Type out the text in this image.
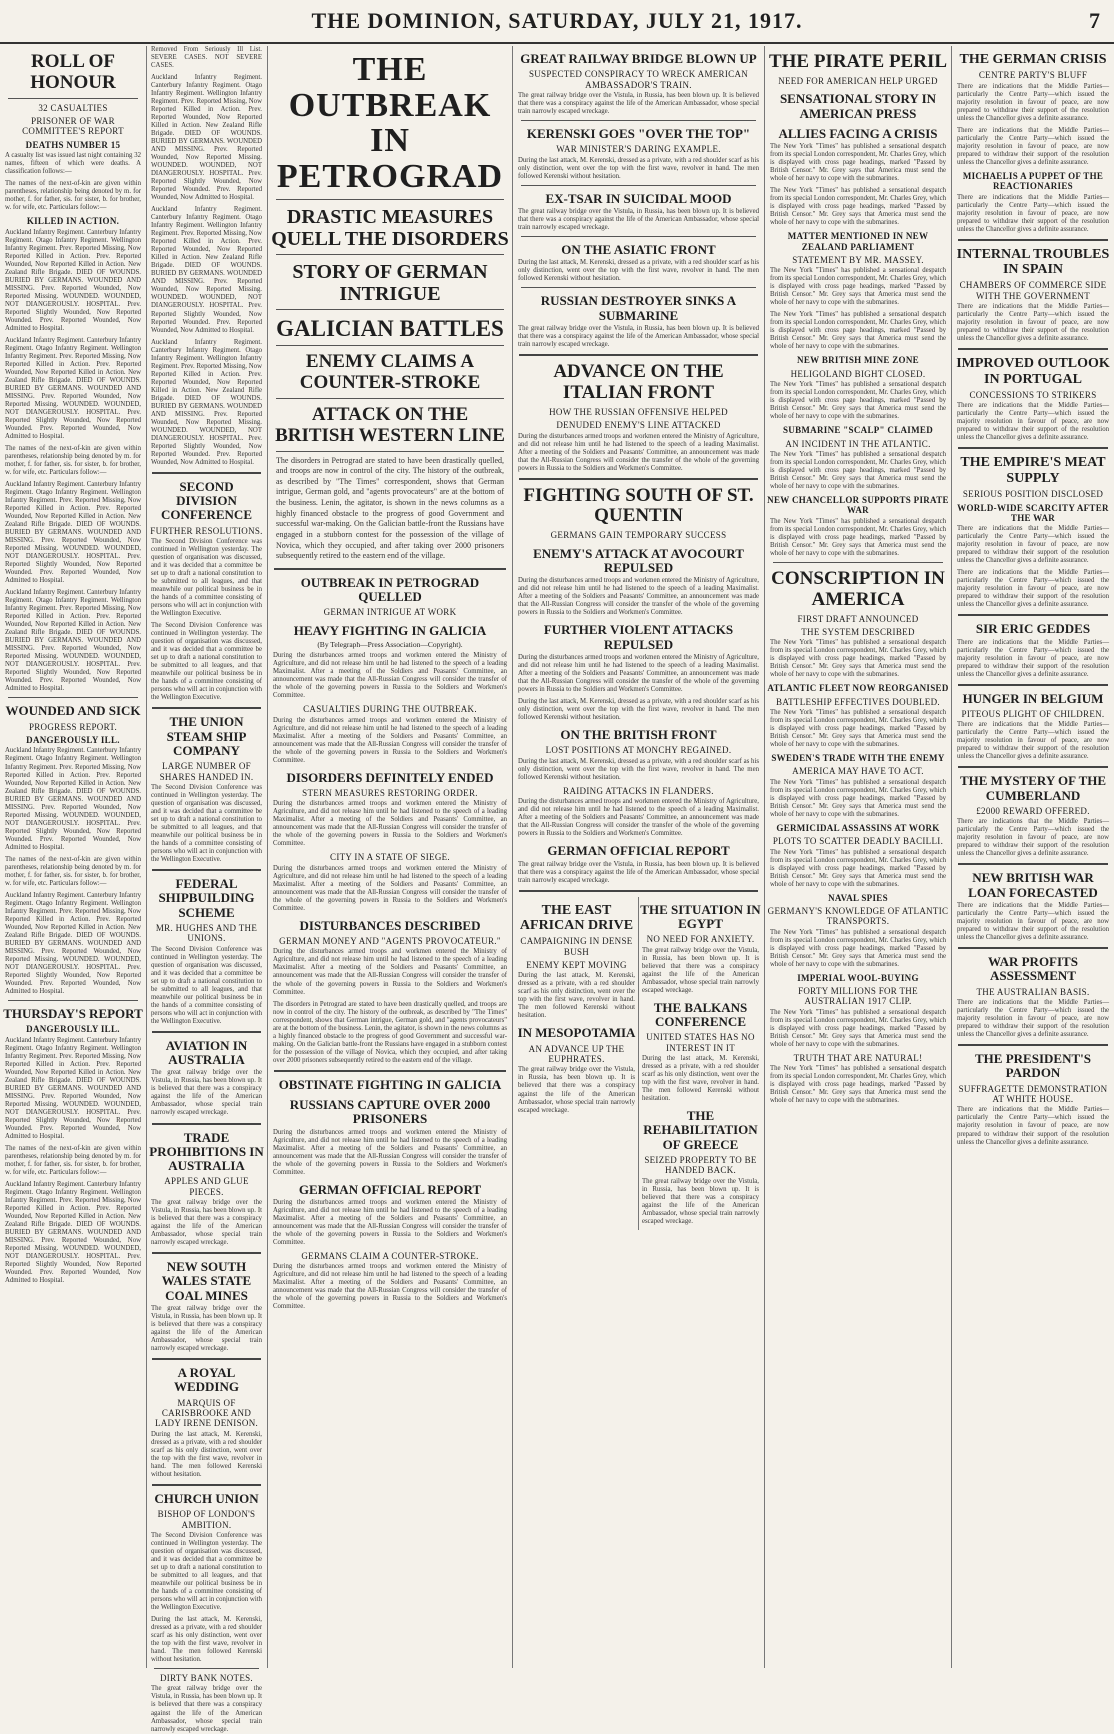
THE DOMINION, SATURDAY, JULY 21, 1917.	7
ROLL OF HONOUR
32 CASUALTIES
PRISONER OF WAR COMMITTEE'S REPORT
DEATHS NUMBER 15
A casualty list was issued last night containing 32 names, fifteen of which were deaths. A classification follows:—
The names of the next-of-kin are given within parentheses, relationship being denoted by m. for mother, f. for father, sis. for sister, b. for brother, w. for wife, etc. Particulars follow:—
KILLED IN ACTION.
Auckland Infantry Regiment. Canterbury Infantry Regiment. Otago Infantry Regiment. Wellington Infantry Regiment. Prev. Reported Missing, Now Reported Killed in Action. Prev. Reported Wounded, Now Reported Killed in Action. New Zealand Rifle Brigade. DIED OF WOUNDS. BURIED BY GERMANS. WOUNDED AND MISSING. Prev. Reported Wounded, Now Reported Missing. WOUNDED. WOUNDED, NOT DIANGEROUSLY. HOSPITAL. Prev. Reported Slightly Wounded, Now Reported Wounded. Prev. Reported Wounded, Now Admitted to Hospital.
Auckland Infantry Regiment. Canterbury Infantry Regiment. Otago Infantry Regiment. Wellington Infantry Regiment. Prev. Reported Missing, Now Reported Killed in Action. Prev. Reported Wounded, Now Reported Killed in Action. New Zealand Rifle Brigade. DIED OF WOUNDS. BURIED BY GERMANS. WOUNDED AND MISSING. Prev. Reported Wounded, Now Reported Missing. WOUNDED. WOUNDED, NOT DIANGEROUSLY. HOSPITAL. Prev. Reported Slightly Wounded, Now Reported Wounded. Prev. Reported Wounded, Now Admitted to Hospital.
The names of the next-of-kin are given within parentheses, relationship being denoted by m. for mother, f. for father, sis. for sister, b. for brother, w. for wife, etc. Particulars follow:—
Auckland Infantry Regiment. Canterbury Infantry Regiment. Otago Infantry Regiment. Wellington Infantry Regiment. Prev. Reported Missing, Now Reported Killed in Action. Prev. Reported Wounded, Now Reported Killed in Action. New Zealand Rifle Brigade. DIED OF WOUNDS. BURIED BY GERMANS. WOUNDED AND MISSING. Prev. Reported Wounded, Now Reported Missing. WOUNDED. WOUNDED, NOT DIANGEROUSLY. HOSPITAL. Prev. Reported Slightly Wounded, Now Reported Wounded. Prev. Reported Wounded, Now Admitted to Hospital.
Auckland Infantry Regiment. Canterbury Infantry Regiment. Otago Infantry Regiment. Wellington Infantry Regiment. Prev. Reported Missing, Now Reported Killed in Action. Prev. Reported Wounded, Now Reported Killed in Action. New Zealand Rifle Brigade. DIED OF WOUNDS. BURIED BY GERMANS. WOUNDED AND MISSING. Prev. Reported Wounded, Now Reported Missing. WOUNDED. WOUNDED, NOT DIANGEROUSLY. HOSPITAL. Prev. Reported Slightly Wounded, Now Reported Wounded. Prev. Reported Wounded, Now Admitted to Hospital.
WOUNDED AND SICK
PROGRESS REPORT.
DANGEROUSLY ILL.
Auckland Infantry Regiment. Canterbury Infantry Regiment. Otago Infantry Regiment. Wellington Infantry Regiment. Prev. Reported Missing, Now Reported Killed in Action. Prev. Reported Wounded, Now Reported Killed in Action. New Zealand Rifle Brigade. DIED OF WOUNDS. BURIED BY GERMANS. WOUNDED AND MISSING. Prev. Reported Wounded, Now Reported Missing. WOUNDED. WOUNDED, NOT DIANGEROUSLY. HOSPITAL. Prev. Reported Slightly Wounded, Now Reported Wounded. Prev. Reported Wounded, Now Admitted to Hospital.
The names of the next-of-kin are given within parentheses, relationship being denoted by m. for mother, f. for father, sis. for sister, b. for brother, w. for wife, etc. Particulars follow:—
Auckland Infantry Regiment. Canterbury Infantry Regiment. Otago Infantry Regiment. Wellington Infantry Regiment. Prev. Reported Missing, Now Reported Killed in Action. Prev. Reported Wounded, Now Reported Killed in Action. New Zealand Rifle Brigade. DIED OF WOUNDS. BURIED BY GERMANS. WOUNDED AND MISSING. Prev. Reported Wounded, Now Reported Missing. WOUNDED. WOUNDED, NOT DIANGEROUSLY. HOSPITAL. Prev. Reported Slightly Wounded, Now Reported Wounded. Prev. Reported Wounded, Now Admitted to Hospital.
THURSDAY'S REPORT
DANGEROUSLY ILL.
Auckland Infantry Regiment. Canterbury Infantry Regiment. Otago Infantry Regiment. Wellington Infantry Regiment. Prev. Reported Missing, Now Reported Killed in Action. Prev. Reported Wounded, Now Reported Killed in Action. New Zealand Rifle Brigade. DIED OF WOUNDS. BURIED BY GERMANS. WOUNDED AND MISSING. Prev. Reported Wounded, Now Reported Missing. WOUNDED. WOUNDED, NOT DIANGEROUSLY. HOSPITAL. Prev. Reported Slightly Wounded, Now Reported Wounded. Prev. Reported Wounded, Now Admitted to Hospital.
The names of the next-of-kin are given within parentheses, relationship being denoted by m. for mother, f. for father, sis. for sister, b. for brother, w. for wife, etc. Particulars follow:—
Auckland Infantry Regiment. Canterbury Infantry Regiment. Otago Infantry Regiment. Wellington Infantry Regiment. Prev. Reported Missing, Now Reported Killed in Action. Prev. Reported Wounded, Now Reported Killed in Action. New Zealand Rifle Brigade. DIED OF WOUNDS. BURIED BY GERMANS. WOUNDED AND MISSING. Prev. Reported Wounded, Now Reported Missing. WOUNDED. WOUNDED, NOT DIANGEROUSLY. HOSPITAL. Prev. Reported Slightly Wounded, Now Reported Wounded. Prev. Reported Wounded, Now Admitted to Hospital.
Removed From Seriously Ill List. SEVERE CASES. NOT SEVERE CASES.
Auckland Infantry Regiment. Canterbury Infantry Regiment. Otago Infantry Regiment. Wellington Infantry Regiment. Prev. Reported Missing, Now Reported Killed in Action. Prev. Reported Wounded, Now Reported Killed in Action. New Zealand Rifle Brigade. DIED OF WOUNDS. BURIED BY GERMANS. WOUNDED AND MISSING. Prev. Reported Wounded, Now Reported Missing. WOUNDED. WOUNDED, NOT DIANGEROUSLY. HOSPITAL. Prev. Reported Slightly Wounded, Now Reported Wounded. Prev. Reported Wounded, Now Admitted to Hospital.
Auckland Infantry Regiment. Canterbury Infantry Regiment. Otago Infantry Regiment. Wellington Infantry Regiment. Prev. Reported Missing, Now Reported Killed in Action. Prev. Reported Wounded, Now Reported Killed in Action. New Zealand Rifle Brigade. DIED OF WOUNDS. BURIED BY GERMANS. WOUNDED AND MISSING. Prev. Reported Wounded, Now Reported Missing. WOUNDED. WOUNDED, NOT DIANGEROUSLY. HOSPITAL. Prev. Reported Slightly Wounded, Now Reported Wounded. Prev. Reported Wounded, Now Admitted to Hospital.
Auckland Infantry Regiment. Canterbury Infantry Regiment. Otago Infantry Regiment. Wellington Infantry Regiment. Prev. Reported Missing, Now Reported Killed in Action. Prev. Reported Wounded, Now Reported Killed in Action. New Zealand Rifle Brigade. DIED OF WOUNDS. BURIED BY GERMANS. WOUNDED AND MISSING. Prev. Reported Wounded, Now Reported Missing. WOUNDED. WOUNDED, NOT DIANGEROUSLY. HOSPITAL. Prev. Reported Slightly Wounded, Now Reported Wounded. Prev. Reported Wounded, Now Admitted to Hospital.
SECOND DIVISION CONFERENCE
FURTHER RESOLUTIONS.
The Second Division Conference was continued in Wellington yesterday. The question of organisation was discussed, and it was decided that a committee be set up to draft a national constitution to be submitted to all leagues, and that meanwhile our political business be in the hands of a committee consisting of persons who will act in conjunction with the Wellington Executive.
The Second Division Conference was continued in Wellington yesterday. The question of organisation was discussed, and it was decided that a committee be set up to draft a national constitution to be submitted to all leagues, and that meanwhile our political business be in the hands of a committee consisting of persons who will act in conjunction with the Wellington Executive.
THE UNION STEAM SHIP COMPANY
LARGE NUMBER OF SHARES HANDED IN.
The Second Division Conference was continued in Wellington yesterday. The question of organisation was discussed, and it was decided that a committee be set up to draft a national constitution to be submitted to all leagues, and that meanwhile our political business be in the hands of a committee consisting of persons who will act in conjunction with the Wellington Executive.
FEDERAL SHIPBUILDING SCHEME
MR. HUGHES AND THE UNIONS.
The Second Division Conference was continued in Wellington yesterday. The question of organisation was discussed, and it was decided that a committee be set up to draft a national constitution to be submitted to all leagues, and that meanwhile our political business be in the hands of a committee consisting of persons who will act in conjunction with the Wellington Executive.
AVIATION IN AUSTRALIA
The great railway bridge over the Vistula, in Russia, has been blown up. It is believed that there was a conspiracy against the life of the American Ambassador, whose special train narrowly escaped wreckage.
TRADE PROHIBITIONS IN AUSTRALIA
APPLES AND GLUE PIECES.
The great railway bridge over the Vistula, in Russia, has been blown up. It is believed that there was a conspiracy against the life of the American Ambassador, whose special train narrowly escaped wreckage.
NEW SOUTH WALES STATE COAL MINES
The great railway bridge over the Vistula, in Russia, has been blown up. It is believed that there was a conspiracy against the life of the American Ambassador, whose special train narrowly escaped wreckage.
A ROYAL WEDDING
MARQUIS OF CARISBROOKE AND LADY IRENE DENISON.
During the last attack, M. Kerenski, dressed as a private, with a red shoulder scarf as his only distinction, went over the top with the first wave, revolver in hand. The men followed Kerenski without hesitation.
CHURCH UNION
BISHOP OF LONDON'S AMBITION.
The Second Division Conference was continued in Wellington yesterday. The question of organisation was discussed, and it was decided that a committee be set up to draft a national constitution to be submitted to all leagues, and that meanwhile our political business be in the hands of a committee consisting of persons who will act in conjunction with the Wellington Executive.
During the last attack, M. Kerenski, dressed as a private, with a red shoulder scarf as his only distinction, went over the top with the first wave, revolver in hand. The men followed Kerenski without hesitation.
DIRTY BANK NOTES.
The great railway bridge over the Vistula, in Russia, has been blown up. It is believed that there was a conspiracy against the life of the American Ambassador, whose special train narrowly escaped wreckage.
THE OUTBREAK IN PETROGRAD
DRASTIC MEASURES QUELL THE DISORDERS
STORY OF GERMAN INTRIGUE
GALICIAN BATTLES
ENEMY CLAIMS A COUNTER-STROKE
ATTACK ON THE BRITISH WESTERN LINE
The disorders in Petrograd are stated to have been drastically quelled, and troops are now in control of the city. The history of the outbreak, as described by "The Times" correspondent, shows that German intrigue, German gold, and "agents provocateurs" are at the bottom of the business. Lenin, the agitator, is shown in the news columns as a highly financed obstacle to the progress of good Government and successful war-making. On the Galician battle-front the Russians have engaged in a stubborn contest for the possession of the village of Novica, which they occupied, and after taking over 2000 prisoners subsequently retired to the eastern end of the village.
OUTBREAK IN PETROGRAD QUELLED
GERMAN INTRIGUE AT WORK
HEAVY FIGHTING IN GALICIA
(By Telegraph—Press Association—Copyright).
During the disturbances armed troops and workmen entered the Ministry of Agriculture, and did not release him until he had listened to the speech of a leading Maximalist. After a meeting of the Soldiers and Peasants' Committee, an announcement was made that the All-Russian Congress will consider the transfer of the whole of the governing powers in Russia to the Soldiers and Workmen's Committee.
CASUALTIES DURING THE OUTBREAK.
During the disturbances armed troops and workmen entered the Ministry of Agriculture, and did not release him until he had listened to the speech of a leading Maximalist. After a meeting of the Soldiers and Peasants' Committee, an announcement was made that the All-Russian Congress will consider the transfer of the whole of the governing powers in Russia to the Soldiers and Workmen's Committee.
DISORDERS DEFINITELY ENDED
STERN MEASURES RESTORING ORDER.
During the disturbances armed troops and workmen entered the Ministry of Agriculture, and did not release him until he had listened to the speech of a leading Maximalist. After a meeting of the Soldiers and Peasants' Committee, an announcement was made that the All-Russian Congress will consider the transfer of the whole of the governing powers in Russia to the Soldiers and Workmen's Committee.
CITY IN A STATE OF SIEGE.
During the disturbances armed troops and workmen entered the Ministry of Agriculture, and did not release him until he had listened to the speech of a leading Maximalist. After a meeting of the Soldiers and Peasants' Committee, an announcement was made that the All-Russian Congress will consider the transfer of the whole of the governing powers in Russia to the Soldiers and Workmen's Committee.
DISTURBANCES DESCRIBED
GERMAN MONEY AND "AGENTS PROVOCATEUR."
During the disturbances armed troops and workmen entered the Ministry of Agriculture, and did not release him until he had listened to the speech of a leading Maximalist. After a meeting of the Soldiers and Peasants' Committee, an announcement was made that the All-Russian Congress will consider the transfer of the whole of the governing powers in Russia to the Soldiers and Workmen's Committee.
The disorders in Petrograd are stated to have been drastically quelled, and troops are now in control of the city. The history of the outbreak, as described by "The Times" correspondent, shows that German intrigue, German gold, and "agents provocateurs" are at the bottom of the business. Lenin, the agitator, is shown in the news columns as a highly financed obstacle to the progress of good Government and successful war-making. On the Galician battle-front the Russians have engaged in a stubborn contest for the possession of the village of Novica, which they occupied, and after taking over 2000 prisoners subsequently retired to the eastern end of the village.
OBSTINATE FIGHTING IN GALICIA
RUSSIANS CAPTURE OVER 2000 PRISONERS
During the disturbances armed troops and workmen entered the Ministry of Agriculture, and did not release him until he had listened to the speech of a leading Maximalist. After a meeting of the Soldiers and Peasants' Committee, an announcement was made that the All-Russian Congress will consider the transfer of the whole of the governing powers in Russia to the Soldiers and Workmen's Committee.
GERMAN OFFICIAL REPORT
During the disturbances armed troops and workmen entered the Ministry of Agriculture, and did not release him until he had listened to the speech of a leading Maximalist. After a meeting of the Soldiers and Peasants' Committee, an announcement was made that the All-Russian Congress will consider the transfer of the whole of the governing powers in Russia to the Soldiers and Workmen's Committee.
GERMANS CLAIM A COUNTER-STROKE.
During the disturbances armed troops and workmen entered the Ministry of Agriculture, and did not release him until he had listened to the speech of a leading Maximalist. After a meeting of the Soldiers and Peasants' Committee, an announcement was made that the All-Russian Congress will consider the transfer of the whole of the governing powers in Russia to the Soldiers and Workmen's Committee.
GREAT RAILWAY BRIDGE BLOWN UP
SUSPECTED CONSPIRACY TO WRECK AMERICAN AMBASSADOR'S TRAIN.
The great railway bridge over the Vistula, in Russia, has been blown up. It is believed that there was a conspiracy against the life of the American Ambassador, whose special train narrowly escaped wreckage.
KERENSKI GOES "OVER THE TOP"
WAR MINISTER'S DARING EXAMPLE.
During the last attack, M. Kerenski, dressed as a private, with a red shoulder scarf as his only distinction, went over the top with the first wave, revolver in hand. The men followed Kerenski without hesitation.
EX-TSAR IN SUICIDAL MOOD
The great railway bridge over the Vistula, in Russia, has been blown up. It is believed that there was a conspiracy against the life of the American Ambassador, whose special train narrowly escaped wreckage.
ON THE ASIATIC FRONT
During the last attack, M. Kerenski, dressed as a private, with a red shoulder scarf as his only distinction, went over the top with the first wave, revolver in hand. The men followed Kerenski without hesitation.
RUSSIAN DESTROYER SINKS A SUBMARINE
The great railway bridge over the Vistula, in Russia, has been blown up. It is believed that there was a conspiracy against the life of the American Ambassador, whose special train narrowly escaped wreckage.
ADVANCE ON THE ITALIAN FRONT
HOW THE RUSSIAN OFFENSIVE HELPED
DENUDED ENEMY'S LINE ATTACKED
During the disturbances armed troops and workmen entered the Ministry of Agriculture, and did not release him until he had listened to the speech of a leading Maximalist. After a meeting of the Soldiers and Peasants' Committee, an announcement was made that the All-Russian Congress will consider the transfer of the whole of the governing powers in Russia to the Soldiers and Workmen's Committee.
FIGHTING SOUTH OF ST. QUENTIN
GERMANS GAIN TEMPORARY SUCCESS
ENEMY'S ATTACK AT AVOCOURT REPULSED
During the disturbances armed troops and workmen entered the Ministry of Agriculture, and did not release him until he had listened to the speech of a leading Maximalist. After a meeting of the Soldiers and Peasants' Committee, an announcement was made that the All-Russian Congress will consider the transfer of the whole of the governing powers in Russia to the Soldiers and Workmen's Committee.
FURTHER VIOLENT ATTACKS REPULSED
During the disturbances armed troops and workmen entered the Ministry of Agriculture, and did not release him until he had listened to the speech of a leading Maximalist. After a meeting of the Soldiers and Peasants' Committee, an announcement was made that the All-Russian Congress will consider the transfer of the whole of the governing powers in Russia to the Soldiers and Workmen's Committee.
During the last attack, M. Kerenski, dressed as a private, with a red shoulder scarf as his only distinction, went over the top with the first wave, revolver in hand. The men followed Kerenski without hesitation.
ON THE BRITISH FRONT
LOST POSITIONS AT MONCHY REGAINED.
During the last attack, M. Kerenski, dressed as a private, with a red shoulder scarf as his only distinction, went over the top with the first wave, revolver in hand. The men followed Kerenski without hesitation.
RAIDING ATTACKS IN FLANDERS.
During the disturbances armed troops and workmen entered the Ministry of Agriculture, and did not release him until he had listened to the speech of a leading Maximalist. After a meeting of the Soldiers and Peasants' Committee, an announcement was made that the All-Russian Congress will consider the transfer of the whole of the governing powers in Russia to the Soldiers and Workmen's Committee.
GERMAN OFFICIAL REPORT
The great railway bridge over the Vistula, in Russia, has been blown up. It is believed that there was a conspiracy against the life of the American Ambassador, whose special train narrowly escaped wreckage.
THE EAST AFRICAN DRIVE
CAMPAIGNING IN DENSE BUSH
ENEMY KEPT MOVING
During the last attack, M. Kerenski, dressed as a private, with a red shoulder scarf as his only distinction, went over the top with the first wave, revolver in hand. The men followed Kerenski without hesitation.
IN MESOPOTAMIA
AN ADVANCE UP THE EUPHRATES.
The great railway bridge over the Vistula, in Russia, has been blown up. It is believed that there was a conspiracy against the life of the American Ambassador, whose special train narrowly escaped wreckage.
THE SITUATION IN EGYPT
NO NEED FOR ANXIETY.
The great railway bridge over the Vistula, in Russia, has been blown up. It is believed that there was a conspiracy against the life of the American Ambassador, whose special train narrowly escaped wreckage.
THE BALKANS CONFERENCE
UNITED STATES HAS NO INTEREST IN IT
During the last attack, M. Kerenski, dressed as a private, with a red shoulder scarf as his only distinction, went over the top with the first wave, revolver in hand. The men followed Kerenski without hesitation.
THE REHABILITATION OF GREECE
SEIZED PROPERTY TO BE HANDED BACK.
The great railway bridge over the Vistula, in Russia, has been blown up. It is believed that there was a conspiracy against the life of the American Ambassador, whose special train narrowly escaped wreckage.
THE PIRATE PERIL
NEED FOR AMERICAN HELP URGED
SENSATIONAL STORY IN AMERICAN PRESS
ALLIES FACING A CRISIS
The New York "Times" has published a sensational despatch from its special London correspondent, Mr. Charles Grey, which is displayed with cross page headings, marked "Passed by British Censor." Mr. Grey says that America must send the whole of her navy to cope with the submarines.
The New York "Times" has published a sensational despatch from its special London correspondent, Mr. Charles Grey, which is displayed with cross page headings, marked "Passed by British Censor." Mr. Grey says that America must send the whole of her navy to cope with the submarines.
MATTER MENTIONED IN NEW ZEALAND PARLIAMENT
STATEMENT BY MR. MASSEY.
The New York "Times" has published a sensational despatch from its special London correspondent, Mr. Charles Grey, which is displayed with cross page headings, marked "Passed by British Censor." Mr. Grey says that America must send the whole of her navy to cope with the submarines.
The New York "Times" has published a sensational despatch from its special London correspondent, Mr. Charles Grey, which is displayed with cross page headings, marked "Passed by British Censor." Mr. Grey says that America must send the whole of her navy to cope with the submarines.
NEW BRITISH MINE ZONE
HELIGOLAND BIGHT CLOSED.
The New York "Times" has published a sensational despatch from its special London correspondent, Mr. Charles Grey, which is displayed with cross page headings, marked "Passed by British Censor." Mr. Grey says that America must send the whole of her navy to cope with the submarines.
SUBMARINE "SCALP" CLAIMED
AN INCIDENT IN THE ATLANTIC.
The New York "Times" has published a sensational despatch from its special London correspondent, Mr. Charles Grey, which is displayed with cross page headings, marked "Passed by British Censor." Mr. Grey says that America must send the whole of her navy to cope with the submarines.
NEW CHANCELLOR SUPPORTS PIRATE WAR
The New York "Times" has published a sensational despatch from its special London correspondent, Mr. Charles Grey, which is displayed with cross page headings, marked "Passed by British Censor." Mr. Grey says that America must send the whole of her navy to cope with the submarines.
CONSCRIPTION IN AMERICA
FIRST DRAFT ANNOUNCED
THE SYSTEM DESCRIBED
The New York "Times" has published a sensational despatch from its special London correspondent, Mr. Charles Grey, which is displayed with cross page headings, marked "Passed by British Censor." Mr. Grey says that America must send the whole of her navy to cope with the submarines.
ATLANTIC FLEET NOW REORGANISED
BATTLESHIP EFFECTIVES DOUBLED.
The New York "Times" has published a sensational despatch from its special London correspondent, Mr. Charles Grey, which is displayed with cross page headings, marked "Passed by British Censor." Mr. Grey says that America must send the whole of her navy to cope with the submarines.
SWEDEN'S TRADE WITH THE ENEMY
AMERICA MAY HAVE TO ACT.
The New York "Times" has published a sensational despatch from its special London correspondent, Mr. Charles Grey, which is displayed with cross page headings, marked "Passed by British Censor." Mr. Grey says that America must send the whole of her navy to cope with the submarines.
GERMICIDAL ASSASSINS AT WORK
PLOTS TO SCATTER DEADLY BACILLI.
The New York "Times" has published a sensational despatch from its special London correspondent, Mr. Charles Grey, which is displayed with cross page headings, marked "Passed by British Censor." Mr. Grey says that America must send the whole of her navy to cope with the submarines.
NAVAL SPIES
GERMANY'S KNOWLEDGE OF ATLANTIC TRANSPORTS.
The New York "Times" has published a sensational despatch from its special London correspondent, Mr. Charles Grey, which is displayed with cross page headings, marked "Passed by British Censor." Mr. Grey says that America must send the whole of her navy to cope with the submarines.
IMPERIAL WOOL-BUYING
FORTY MILLIONS FOR THE AUSTRALIAN 1917 CLIP.
The New York "Times" has published a sensational despatch from its special London correspondent, Mr. Charles Grey, which is displayed with cross page headings, marked "Passed by British Censor." Mr. Grey says that America must send the whole of her navy to cope with the submarines.
TRUTH THAT ARE NATURAL!
The New York "Times" has published a sensational despatch from its special London correspondent, Mr. Charles Grey, which is displayed with cross page headings, marked "Passed by British Censor." Mr. Grey says that America must send the whole of her navy to cope with the submarines.
THE GERMAN CRISIS
CENTRE PARTY'S BLUFF
There are indications that the Middle Parties—particularly the Centre Party—which issued the majority resolution in favour of peace, are now prepared to withdraw their support of the resolution unless the Chancellor gives a definite assurance.
There are indications that the Middle Parties—particularly the Centre Party—which issued the majority resolution in favour of peace, are now prepared to withdraw their support of the resolution unless the Chancellor gives a definite assurance.
MICHAELIS A PUPPET OF THE REACTIONARIES
There are indications that the Middle Parties—particularly the Centre Party—which issued the majority resolution in favour of peace, are now prepared to withdraw their support of the resolution unless the Chancellor gives a definite assurance.
INTERNAL TROUBLES IN SPAIN
CHAMBERS OF COMMERCE SIDE WITH THE GOVERNMENT
There are indications that the Middle Parties—particularly the Centre Party—which issued the majority resolution in favour of peace, are now prepared to withdraw their support of the resolution unless the Chancellor gives a definite assurance.
IMPROVED OUTLOOK IN PORTUGAL
CONCESSIONS TO STRIKERS
There are indications that the Middle Parties—particularly the Centre Party—which issued the majority resolution in favour of peace, are now prepared to withdraw their support of the resolution unless the Chancellor gives a definite assurance.
THE EMPIRE'S MEAT SUPPLY
SERIOUS POSITION DISCLOSED
WORLD-WIDE SCARCITY AFTER THE WAR
There are indications that the Middle Parties—particularly the Centre Party—which issued the majority resolution in favour of peace, are now prepared to withdraw their support of the resolution unless the Chancellor gives a definite assurance.
There are indications that the Middle Parties—particularly the Centre Party—which issued the majority resolution in favour of peace, are now prepared to withdraw their support of the resolution unless the Chancellor gives a definite assurance.
SIR ERIC GEDDES
There are indications that the Middle Parties—particularly the Centre Party—which issued the majority resolution in favour of peace, are now prepared to withdraw their support of the resolution unless the Chancellor gives a definite assurance.
HUNGER IN BELGIUM
PITEOUS PLIGHT OF CHILDREN.
There are indications that the Middle Parties—particularly the Centre Party—which issued the majority resolution in favour of peace, are now prepared to withdraw their support of the resolution unless the Chancellor gives a definite assurance.
THE MYSTERY OF THE CUMBERLAND
£2000 REWARD OFFERED.
There are indications that the Middle Parties—particularly the Centre Party—which issued the majority resolution in favour of peace, are now prepared to withdraw their support of the resolution unless the Chancellor gives a definite assurance.
NEW BRITISH WAR LOAN FORECASTED
There are indications that the Middle Parties—particularly the Centre Party—which issued the majority resolution in favour of peace, are now prepared to withdraw their support of the resolution unless the Chancellor gives a definite assurance.
WAR PROFITS ASSESSMENT
THE AUSTRALIAN BASIS.
There are indications that the Middle Parties—particularly the Centre Party—which issued the majority resolution in favour of peace, are now prepared to withdraw their support of the resolution unless the Chancellor gives a definite assurance.
THE PRESIDENT'S PARDON
SUFFRAGETTE DEMONSTRATION AT WHITE HOUSE.
There are indications that the Middle Parties—particularly the Centre Party—which issued the majority resolution in favour of peace, are now prepared to withdraw their support of the resolution unless the Chancellor gives a definite assurance.
